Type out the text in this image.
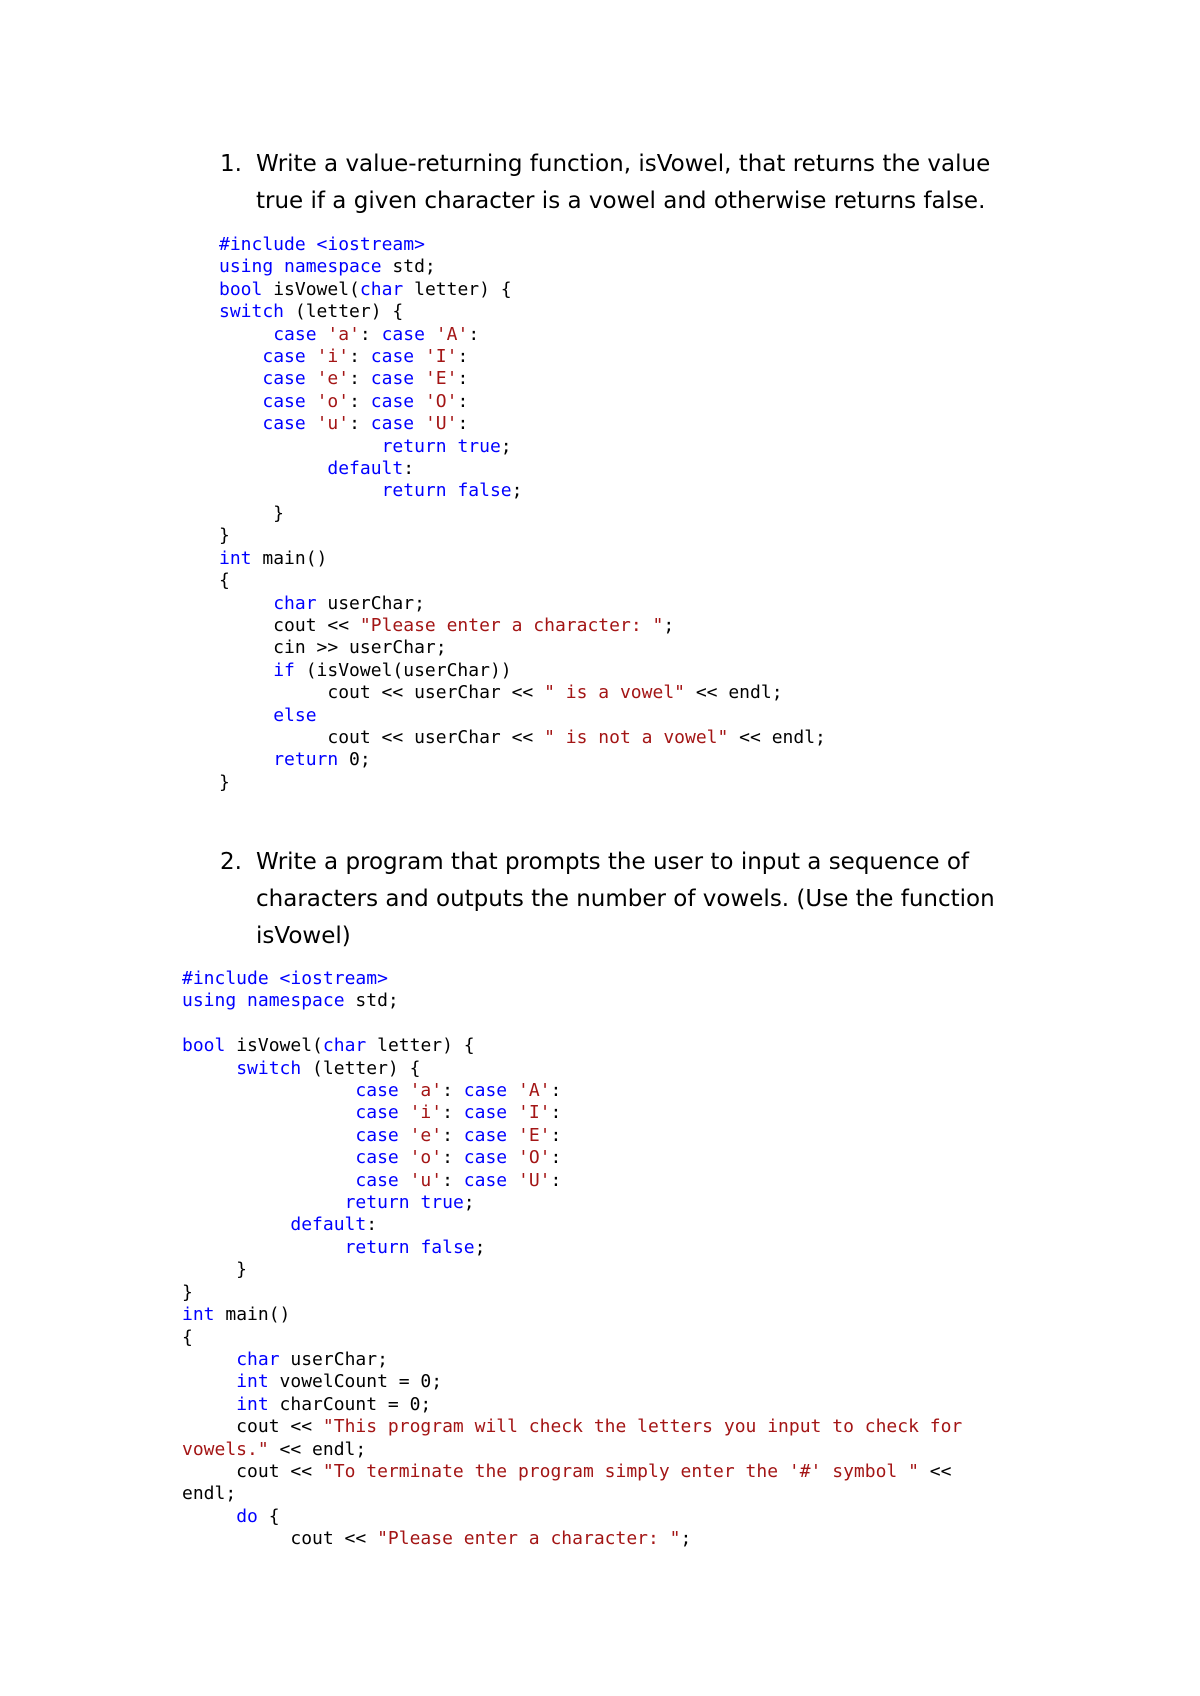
1. Write a value-returning function, isVowel, that returns the value true if a given character is a vowel and otherwise returns false.

#include <iostream>
using namespace std;
bool isVowel(char letter) {
switch (letter) {
case 'a': case 'A':
case 'i': case 'I':
case 'e': case 'E':
case 'o': case 'O':
case 'u': case 'U':
return true;
default:
return false;
}
}
int main()
{
char userChar;
cout << "Please enter a character: ";
cin >> userChar;
if (isVowel(userChar))
cout << userChar << " is a vowel" << endl;
else
cout << userChar << " is not a vowel" << endl;
return 0;
}

2. Write a program that prompts the user to input a sequence of characters and outputs the number of vowels. (Use the function isVowel)

#include <iostream>
using namespace std;

bool isVowel(char letter) {
switch (letter) {
case 'a': case 'A':
case 'i': case 'I':
case 'e': case 'E':
case 'o': case 'O':
case 'u': case 'U':
return true;
default:
return false;
}
}
int main()
{
char userChar;
int vowelCount = 0;
int charCount = 0;
cout << "This program will check the letters you input to check for
vowels." << endl;
cout << "To terminate the program simply enter the '#' symbol " <<
endl;
do {
cout << "Please enter a character: ";
